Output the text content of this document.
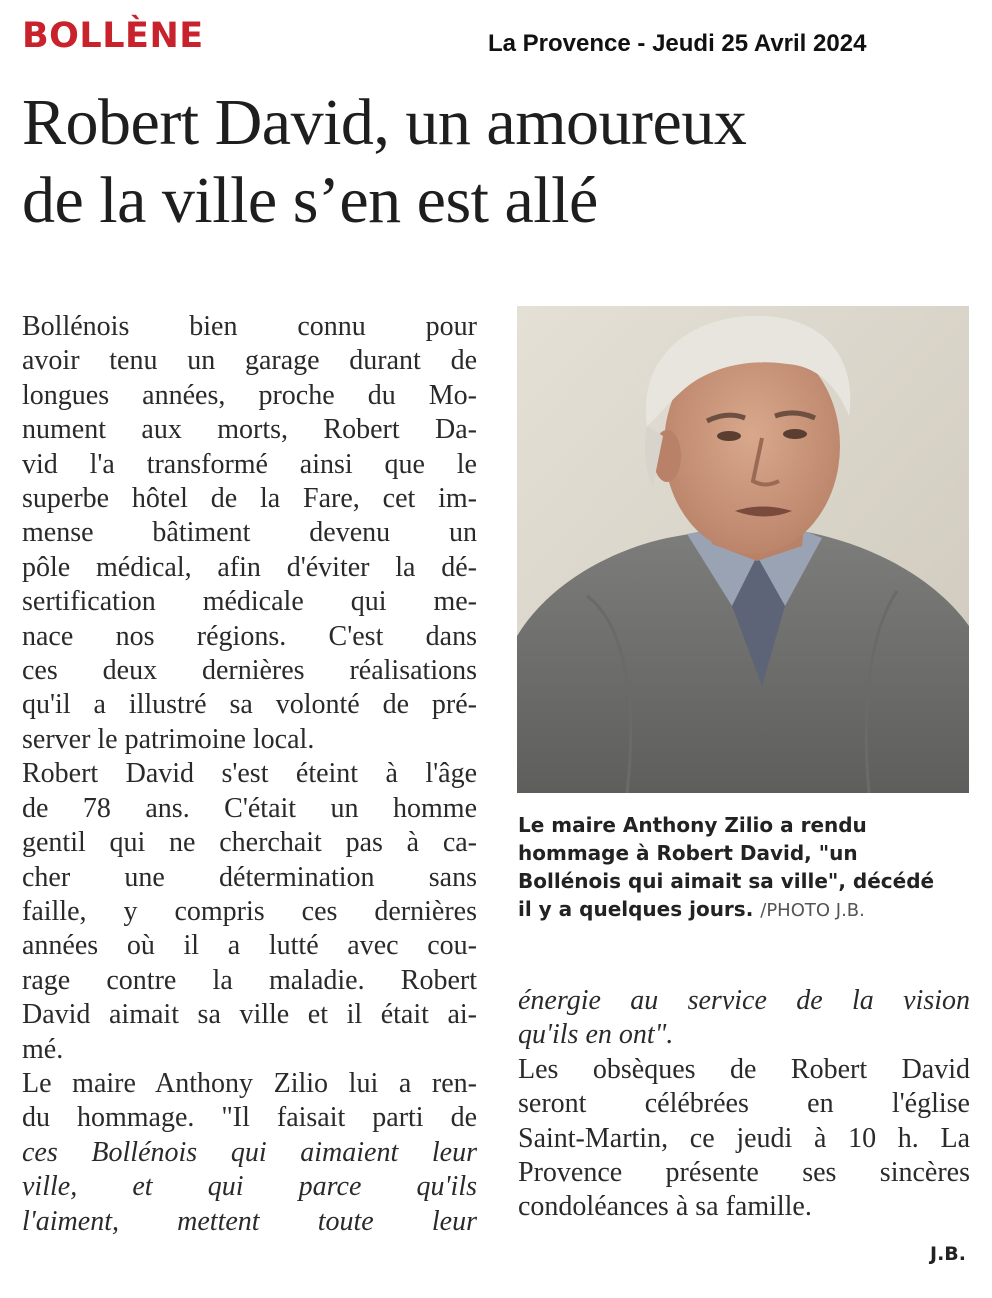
BOLLÈNE	La Provence - Jeudi 25 Avril 2024
Robert David, un amoureux
de la ville s’en est allé
Bollénois bien connu pour
avoir tenu un garage durant de
longues années, proche du Mo-
nument aux morts, Robert Da-
vid l'a transformé ainsi que le
superbe hôtel de la Fare, cet im-
mense bâtiment devenu un
pôle médical, afin d'éviter la dé-
sertification médicale qui me-
nace nos régions. C'est dans
ces deux dernières réalisations
qu'il a illustré sa volonté de pré-
server le patrimoine local.
Robert David s'est éteint à l'âge
de 78 ans. C'était un homme
gentil qui ne cherchait pas à ca-
cher une détermination sans
faille, y compris ces dernières
années où il a lutté avec cou-
rage contre la maladie. Robert
David aimait sa ville et il était ai-
mé.
Le maire Anthony Zilio lui a ren-
du hommage. "Il faisait parti de
ces Bollénois qui aimaient leur
ville, et qui parce qu'ils
l'aiment, mettent toute leur
Le maire Anthony Zilio a rendu
hommage à Robert David, "un
Bollénois qui aimait sa ville", décédé
il y a quelques jours. /PHOTO J.B.
énergie au service de la vision
qu'ils en ont".
Les obsèques de Robert David
seront célébrées en l'église
Saint-Martin, ce jeudi à 10 h. La
Provence présente ses sincères
condoléances à sa famille.
J.B.
